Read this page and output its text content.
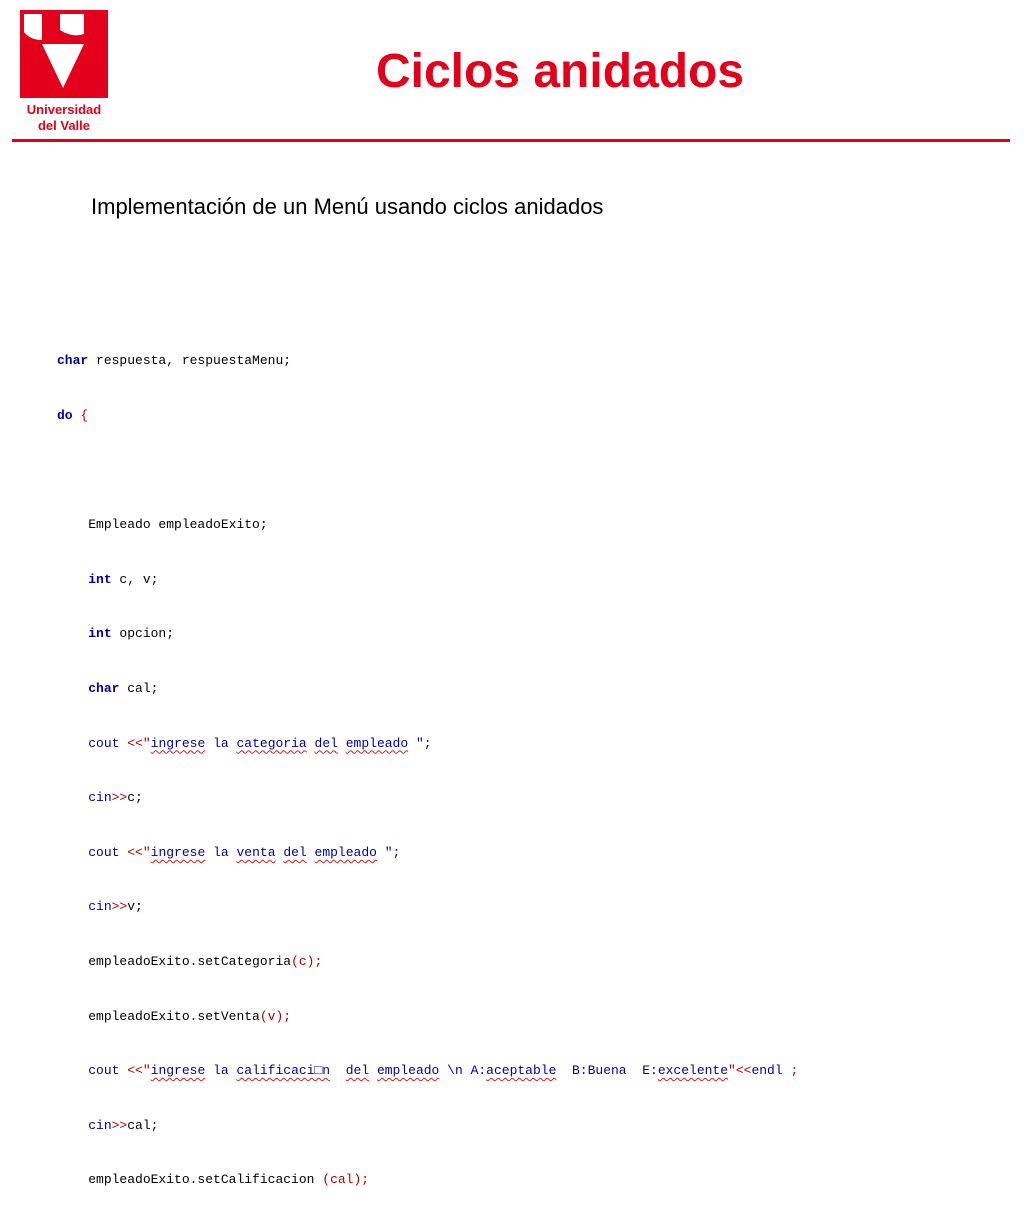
Universidad
del Valle
Ciclos anidados
Implementación de un Menú usando ciclos anidados

char respuesta, respuestaMenu;

do {

Empleado empleadoExito;

int c, v;

int opcion;

char cal;

cout <<"ingrese la categoria del empleado ";

cin>>c;

cout <<"ingrese la venta del empleado ";

cin>>v;

empleadoExito.setCategoria(c);

empleadoExito.setVenta(v);

cout <<"ingrese la calificaci□n del empleado \n A:aceptable  B:Buena  E:excelente"<<endl ;

cin>>cal;

empleadoExito.setCalificacion (cal);
